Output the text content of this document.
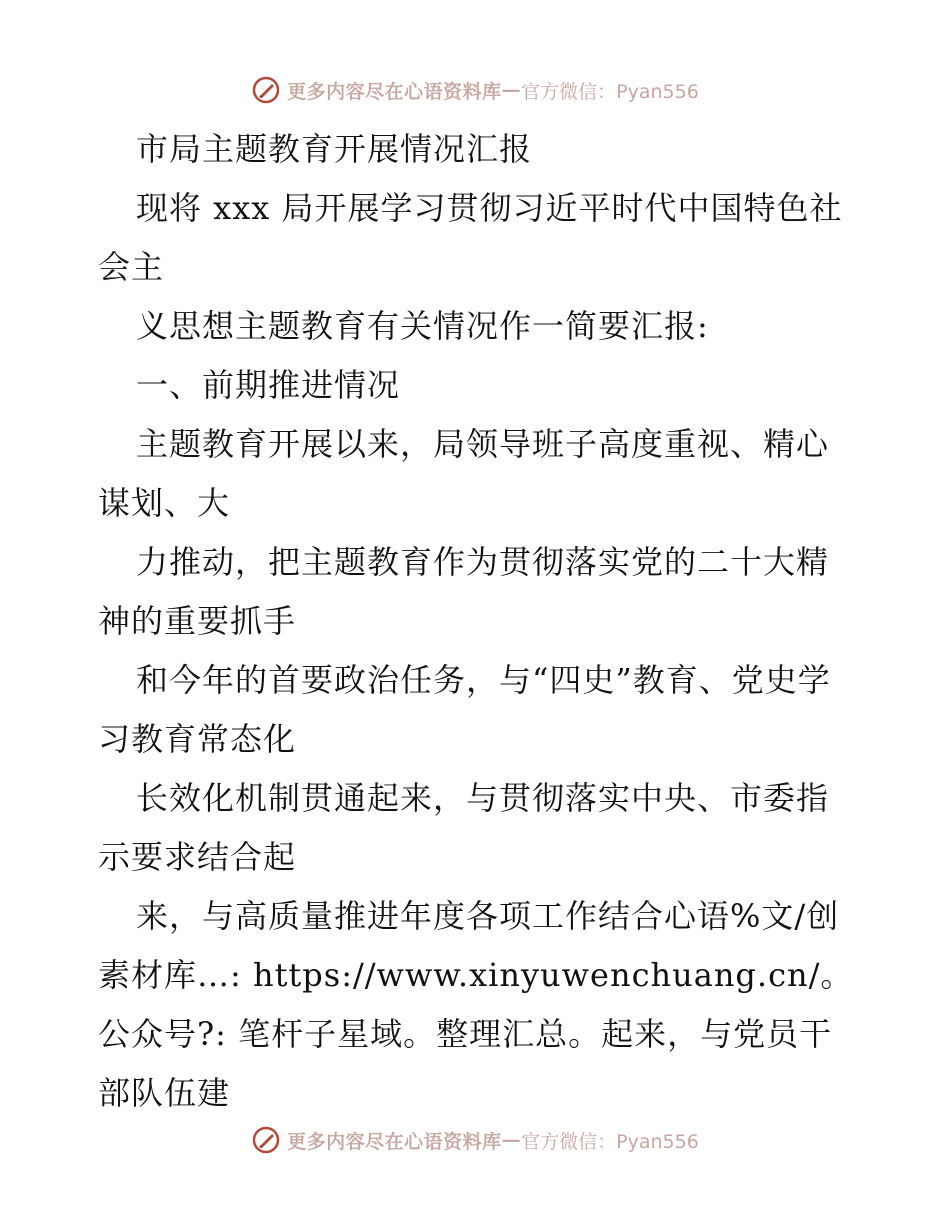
更多内容尽在心语资料库 — 官方微信：Pyan556

市局主题教育开展情况汇报

现将 xxx 局开展学习贯彻习近平时代中国特色社会主

义思想主题教育有关情况作一简要汇报:

一、前期推进情况

主题教育开展以来，局领导班子高度重视、精心谋划、大

力推动，把主题教育作为贯彻落实党的二十大精神的重要抓手

和今年的首要政治任务，与“四史”教育、党史学习教育常态化

长效化机制贯通起来，与贯彻落实中央、市委指示要求结合起

来，与高质量推进年度各项工作结合心语%文/创素材库…: https://www.xinyuwenchuang.cn/。公众号?: 笔杆子星域。整理汇总。起来，与党员干部队伍建

更多内容尽在心语资料库 — 官方微信：Pyan556
